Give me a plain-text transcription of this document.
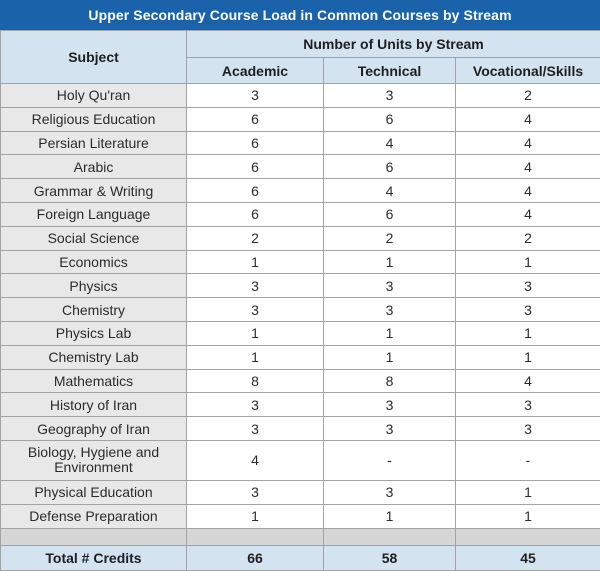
Upper Secondary Course Load in Common Courses by Stream
Subject	Number of Units by Stream		
	Academic	Technical	Vocational/Skills
Holy Qu'ran	3	3	2
Religious Education	6	6	4
Persian Literature	6	4	4
Arabic	6	6	4
Grammar & Writing	6	4	4
Foreign Language	6	6	4
Social Science	2	2	2
Economics	1	1	1
Physics	3	3	3
Chemistry	3	3	3
Physics Lab	1	1	1
Chemistry Lab	1	1	1
Mathematics	8	8	4
History of Iran	3	3	3
Geography of Iran	3	3	3
Biology, Hygiene and Environment	4	-	-
Physical Education	3	3	1
Defense Preparation	1	1	1

Total # Credits	66	58	45
